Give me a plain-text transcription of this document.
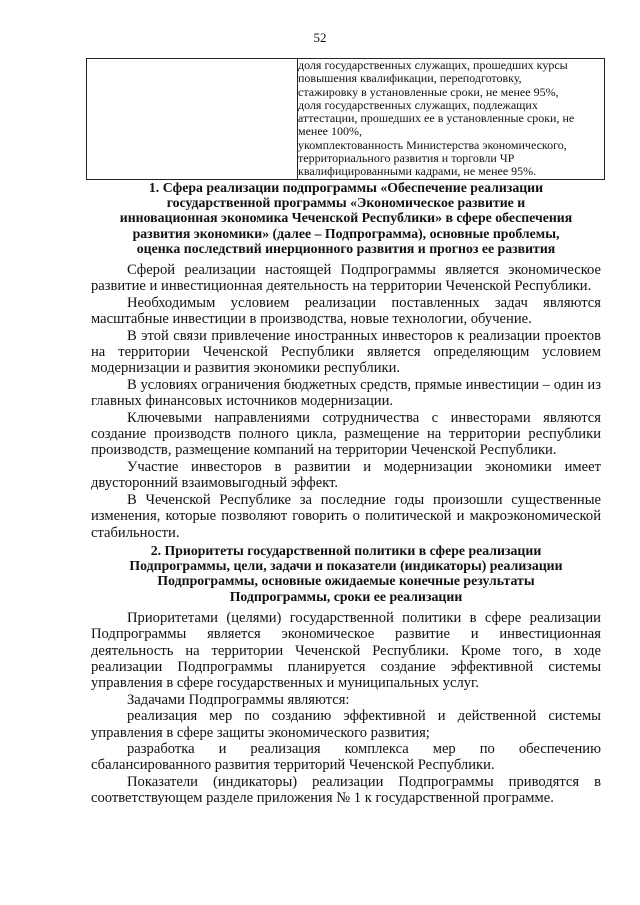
52

доля государственных служащих, прошедших курсы
повышения квалификации, переподготовку,
стажировку в установленные сроки, не менее 95%,
доля государственных служащих, подлежащих
аттестации, прошедших ее в установленные сроки, не
менее 100%,
укомплектованность Министерства экономического,
территориального развития и торговли ЧР
квалифицированными кадрами, не менее 95%.
1. Сфера реализации подпрограммы «Обеспечение реализации
государственной программы «Экономическое развитие и
инновационная экономика Чеченской Республики» в сфере обеспечения
развития экономики» (далее – Подпрограмма), основные проблемы,
оценка последствий инерционного развития и прогноз ее развития

Сферой реализации настоящей Подпрограммы является экономическое развитие и инвестиционная деятельность на территории Чеченской Республики.

Необходимым условием реализации поставленных задач являются масштабные инвестиции в производства, новые технологии, обучение.

В этой связи привлечение иностранных инвесторов к реализации проектов на территории Чеченской Республики является определяющим условием модернизации и развития экономики республики.

В условиях ограничения бюджетных средств, прямые инвестиции – один из главных финансовых источников модернизации.

Ключевыми направлениями сотрудничества с инвесторами являются создание производств полного цикла, размещение на территории республики производств, размещение компаний на территории Чеченской Республики.

Участие инвесторов в развитии и модернизации экономики имеет двусторонний взаимовыгодный эффект.

В Чеченской Республике за последние годы произошли существенные изменения, которые позволяют говорить о политической и макроэкономической стабильности.

2. Приоритеты государственной политики в сфере реализации
Подпрограммы, цели, задачи и показатели (индикаторы) реализации
Подпрограммы, основные ожидаемые конечные результаты
Подпрограммы, сроки ее реализации

Приоритетами (целями) государственной политики в сфере реализации Подпрограммы является экономическое развитие и инвестиционная деятельность на территории Чеченской Республики. Кроме того, в ходе реализации Подпрограммы планируется создание эффективной системы управления в сфере государственных и муниципальных услуг.

Задачами Подпрограммы являются:

реализация мер по созданию эффективной и действенной системы управления в сфере защиты экономического развития;

разработка и реализация комплекса мер по обеспечению сбалансированного развития территорий Чеченской Республики.

Показатели (индикаторы) реализации Подпрограммы приводятся в соответствующем разделе приложения № 1 к государственной программе.
